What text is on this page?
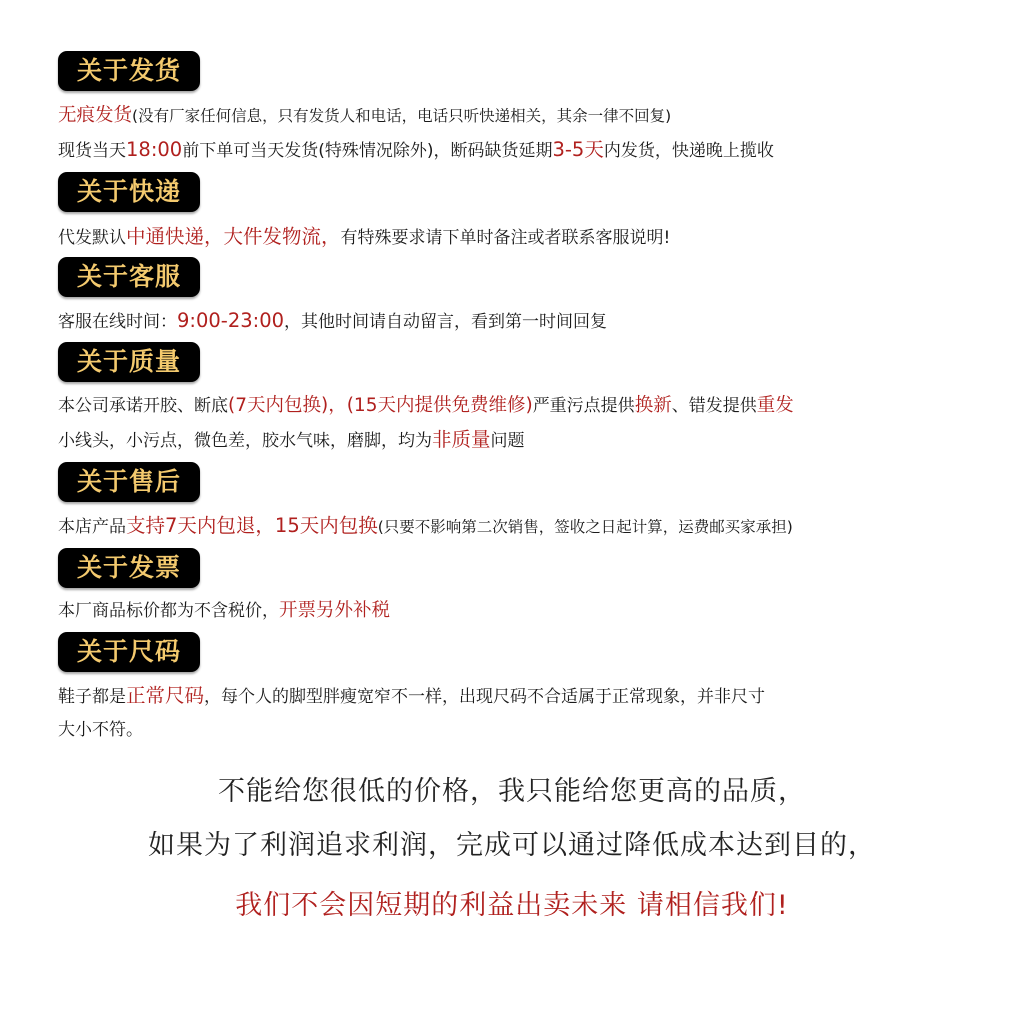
关于发货
无痕发货(没有厂家任何信息，只有发货人和电话，电话只听快递相关，其余一律不回复)
现货当天18:00前下单可当天发货(特殊情况除外)，断码缺货延期3-5天内发货，快递晚上揽收
关于快递
代发默认中通快递，大件发物流，有特殊要求请下单时备注或者联系客服说明!
关于客服
客服在线时间：9:00-23:00，其他时间请自动留言，看到第一时间回复
关于质量
本公司承诺开胶、断底(7天内包换)，(15天内提供免费维修)严重污点提供换新、错发提供重发
小线头，小污点，微色差，胶水气味，磨脚，均为非质量问题
关于售后
本店产品支持7天内包退，15天内包换(只要不影响第二次销售，签收之日起计算，运费邮买家承担)
关于发票
本厂商品标价都为不含税价，开票另外补税
关于尺码
鞋子都是正常尺码，每个人的脚型胖瘦宽窄不一样，出现尺码不合适属于正常现象，并非尺寸
大小不符。
不能给您很低的价格，我只能给您更高的品质，
如果为了利润追求利润，完成可以通过降低成本达到目的，
我们不会因短期的利益出卖未来 请相信我们!
